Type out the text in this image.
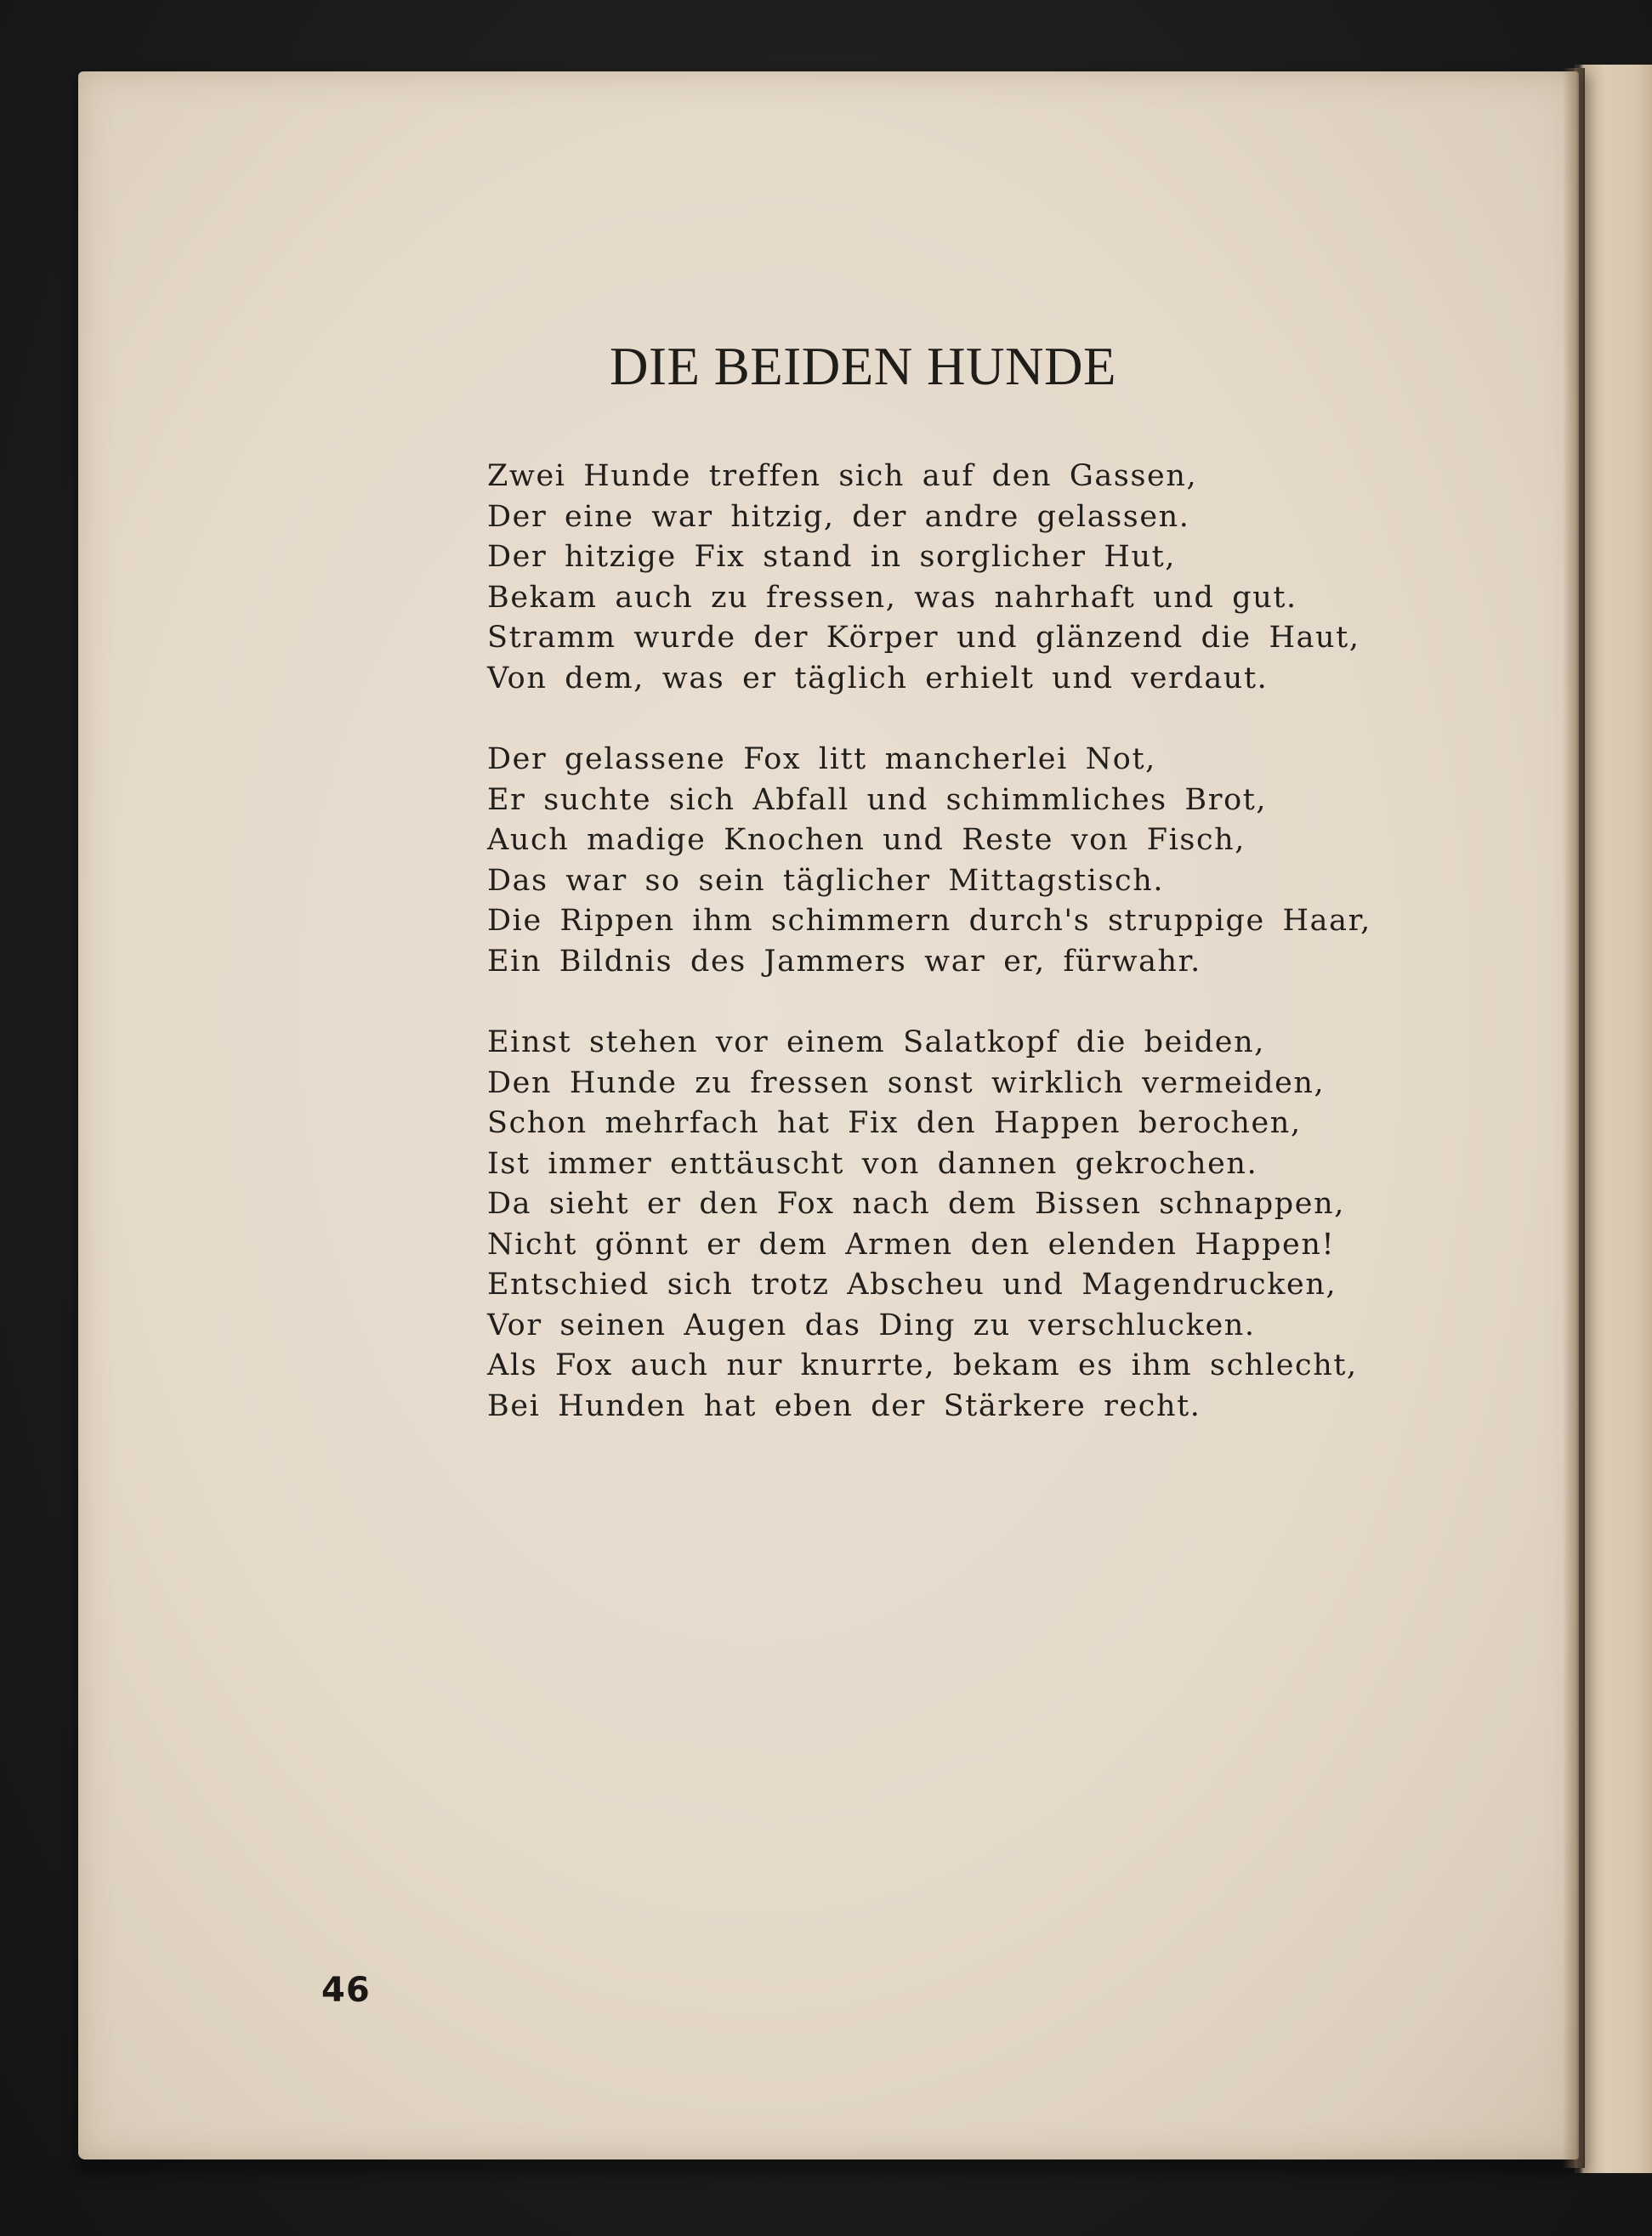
DIE BEIDEN HUNDE
Zwei Hunde treffen sich auf den Gassen,
Der eine war hitzig, der andre gelassen.
Der hitzige Fix stand in sorglicher Hut,
Bekam auch zu fressen, was nahrhaft und gut.
Stramm wurde der Körper und glänzend die Haut,
Von dem, was er täglich erhielt und verdaut.
Der gelassene Fox litt mancherlei Not,
Er suchte sich Abfall und schimmliches Brot,
Auch madige Knochen und Reste von Fisch,
Das war so sein täglicher Mittagstisch.
Die Rippen ihm schimmern durch's struppige Haar,
Ein Bildnis des Jammers war er, fürwahr.
Einst stehen vor einem Salatkopf die beiden,
Den Hunde zu fressen sonst wirklich vermeiden,
Schon mehrfach hat Fix den Happen berochen,
Ist immer enttäuscht von dannen gekrochen.
Da sieht er den Fox nach dem Bissen schnappen,
Nicht gönnt er dem Armen den elenden Happen!
Entschied sich trotz Abscheu und Magendrucken,
Vor seinen Augen das Ding zu verschlucken.
Als Fox auch nur knurrte, bekam es ihm schlecht,
Bei Hunden hat eben der Stärkere recht.
46
